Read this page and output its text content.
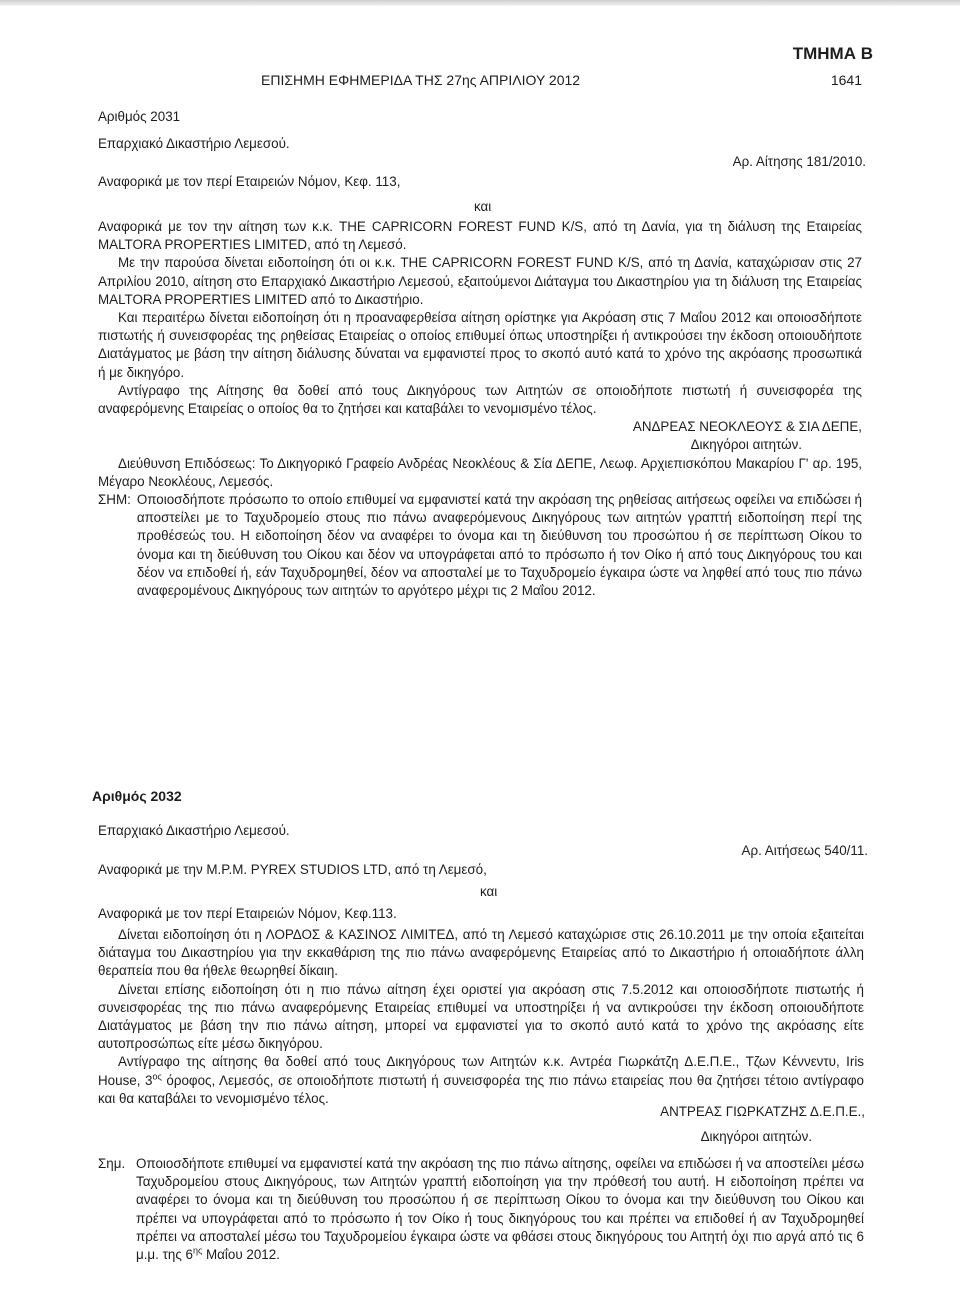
ΤΜΗΜΑ Β
ΕΠΙΣΗΜΗ ΕΦΗΜΕΡΙΔΑ ΤΗΣ 27ης ΑΠΡΙΛΙΟΥ 2012	1641
Αριθμός 2031
Επαρχιακό Δικαστήριο Λεμεσού.
Αρ. Αίτησης 181/2010.
Αναφορικά με τον περί Εταιρειών Νόμον, Κεφ. 113,
και

Αναφορικά με τον την αίτηση των κ.κ. THE CAPRICORN FOREST FUND K/S, από τη Δανία, για τη διάλυση της Εταιρείας MALTORA PROPERTIES LIMITED, από τη Λεμεσό.

Με την παρούσα δίνεται ειδοποίηση ότι οι κ.κ. THE CAPRICORN FOREST FUND K/S, από τη Δανία, καταχώρισαν στις 27 Απριλίου 2010, αίτηση στο Επαρχιακό Δικαστήριο Λεμεσού, εξαιτούμενοι Διάταγμα του Δικαστηρίου για τη διάλυση της Εταιρείας MALTORA PROPERTIES LIMITED από το Δικαστήριο.

Και περαιτέρω δίνεται ειδοποίηση ότι η προαναφερθείσα αίτηση ορίστηκε για Ακρόαση στις 7 Μαΐου 2012 και οποιοσδήποτε πιστωτής ή συνεισφορέας της ρηθείσας Εταιρείας ο οποίος επιθυμεί όπως υποστηρίξει ή αντικρούσει την έκδοση οποιουδήποτε Διατάγματος με βάση την αίτηση διάλυσης δύναται να εμφανιστεί προς το σκοπό αυτό κατά το χρόνο της ακρόασης προσωπικά ή με δικηγόρο.

Αντίγραφο της Αίτησης θα δοθεί από τους Δικηγόρους των Αιτητών σε οποιοδήποτε πιστωτή ή συνεισφορέα της αναφερόμενης Εταιρείας ο οποίος θα το ζητήσει και καταβάλει το νενομισμένο τέλος.

ΑΝΔΡΕΑΣ ΝΕΟΚΛΕΟΥΣ & ΣΙΑ ΔΕΠΕ,

Δικηγόροι αιτητών.

Διεύθυνση Επιδόσεως: Το Δικηγορικό Γραφείο Ανδρέας Νεοκλέους & Σία ΔΕΠΕ, Λεωφ. Αρχιεπισκόπου Μακαρίου Γ' αρ. 195, Μέγαρο Νεοκλέους, Λεμεσός.

ΣΗΜ: Οποιοσδήποτε πρόσωπο το οποίο επιθυμεί να εμφανιστεί κατά την ακρόαση της ρηθείσας αιτήσεως οφείλει να επιδώσει ή αποστείλει με το Ταχυδρομείο στους πιο πάνω αναφερόμενους Δικηγόρους των αιτητών γραπτή ειδοποίηση περί της προθέσεώς του. Η ειδοποίηση δέον να αναφέρει το όνομα και τη διεύθυνση του προσώπου ή σε περίπτωση Οίκου το όνομα και τη διεύθυνση του Οίκου και δέον να υπογράφεται από το πρόσωπο ή τον Οίκο ή από τους Δικηγόρους του και δέον να επιδοθεί ή, εάν Ταχυδρομηθεί, δέον να αποσταλεί με το Ταχυδρομείο έγκαιρα ώστε να ληφθεί από τους πιο πάνω αναφερομένους Δικηγόρους των αιτητών το αργότερο μέχρι τις 2 Μαΐου 2012.
Αριθμός 2032
Επαρχιακό Δικαστήριο Λεμεσού.
Αρ. Αιτήσεως 540/11.
Αναφορικά με την Μ.Ρ.Μ. PYREX STUDIOS LTD, από τη Λεμεσό,
και
Αναφορικά με τον περί Εταιρειών Νόμον, Κεφ.113.

Δίνεται ειδοποίηση ότι η ΛΟΡΔΟΣ & ΚΑΣΙΝΟΣ ΛΙΜΙΤΕΔ, από τη Λεμεσό καταχώρισε στις 26.10.2011 με την οποία εξαιτείται διάταγμα του Δικαστηρίου για την εκκαθάριση της πιο πάνω αναφερόμενης Εταιρείας από το Δικαστήριο ή οποιαδήποτε άλλη θεραπεία που θα ήθελε θεωρηθεί δίκαιη.

Δίνεται επίσης ειδοποίηση ότι η πιο πάνω αίτηση έχει οριστεί για ακρόαση στις 7.5.2012 και οποιοσδήποτε πιστωτής ή συνεισφορέας της πιο πάνω αναφερόμενης Εταιρείας επιθυμεί να υποστηρίξει ή να αντικρούσει την έκδοση οποιουδήποτε Διατάγματος με βάση την πιο πάνω αίτηση, μπορεί να εμφανιστεί για το σκοπό αυτό κατά το χρόνο της ακρόασης είτε αυτοπροσώπως είτε μέσω δικηγόρου.

Αντίγραφο της αίτησης θα δοθεί από τους Δικηγόρους των Αιτητών κ.κ. Αντρέα Γιωρκάτζη Δ.Ε.Π.Ε., Τζων Κέννεντυ, Iris House, $3^{o\varsigma}$ όροφος, Λεμεσός, σε οποιοδήποτε πιστωτή ή συνεισφορέα της πιο πάνω εταιρείας που θα ζητήσει τέτοιο αντίγραφο και θα καταβάλει το νενομισμένο τέλος.

ΑΝΤΡΕΑΣ ΓΙΩΡΚΑΤΖΗΣ Δ.Ε.Π.Ε.,
Δικηγόροι αιτητών.
Σημ. Οποιοσδήποτε επιθυμεί να εμφανιστεί κατά την ακρόαση της πιο πάνω αίτησης, οφείλει να επιδώσει ή να αποστείλει μέσω Ταχυδρομείου στους Δικηγόρους, των Αιτητών γραπτή ειδοποίηση για την πρόθεσή του αυτή. Η ειδοποίηση πρέπει να αναφέρει το όνομα και τη διεύθυνση του προσώπου ή σε περίπτωση Οίκου το όνομα και την διεύθυνση του Οίκου και πρέπει να υπογράφεται από το πρόσωπο ή τον Οίκο ή τους δικηγόρους του και πρέπει να επιδοθεί ή αν Ταχυδρομηθεί πρέπει να αποσταλεί μέσω του Ταχυδρομείου έγκαιρα ώστε να φθάσει στους δικηγόρους του Αιτητή όχι πιο αργά από τις 6 μ.μ. της $6^{\eta\varsigma}$ Μαΐου 2012.
